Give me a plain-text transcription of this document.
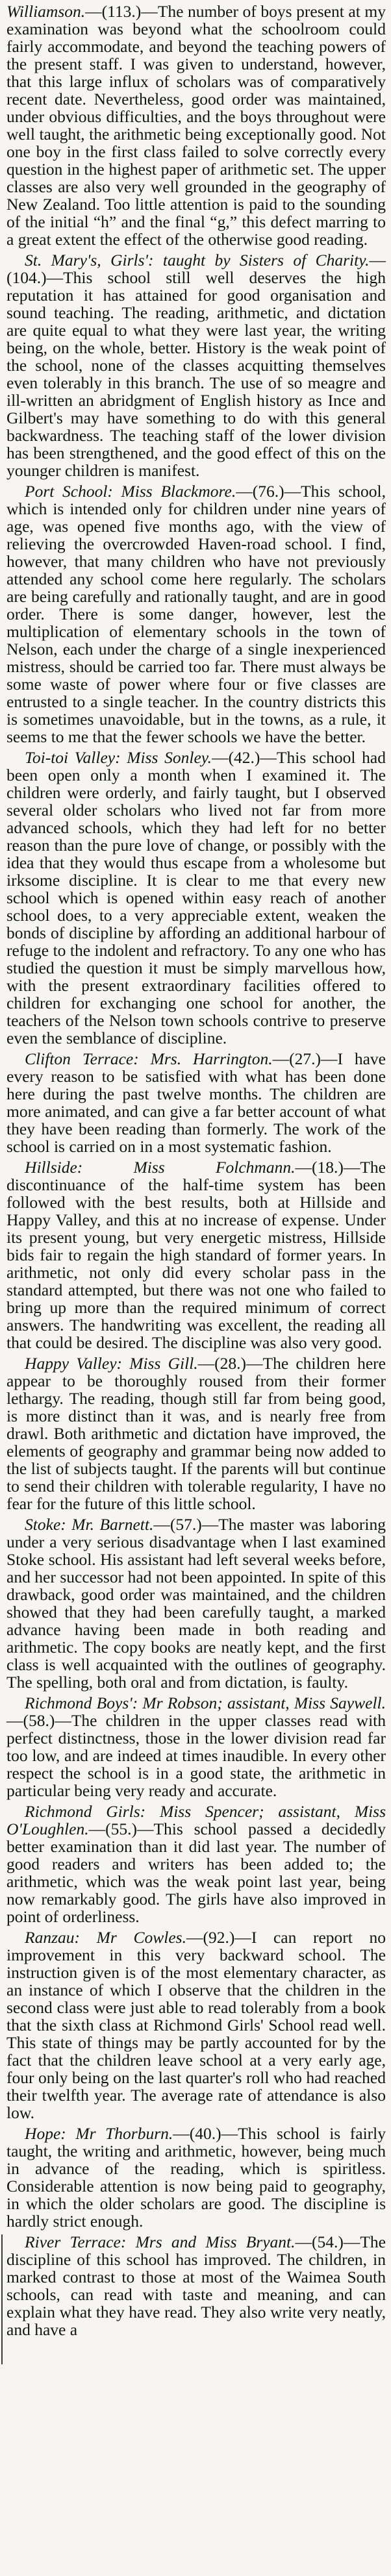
Williamson.—(113.)—The number of boys present at my examination was beyond what the schoolroom could fairly accommodate, and beyond the teaching powers of the present staff. I was given to understand, however, that this large influx of scholars was of comparatively recent date. Nevertheless, good order was maintained, under obvious difficulties, and the boys throughout were well taught, the arithmetic being exceptionally good. Not one boy in the first class failed to solve correctly every question in the highest paper of arithmetic set. The upper classes are also very well grounded in the geography of New Zealand. Too little attention is paid to the sounding of the initial “h” and the final “g,” this defect marring to a great extent the effect of the otherwise good reading.

St. Mary's, Girls': taught by Sisters of Charity.—(104.)—This school still well deserves the high reputation it has attained for good organisation and sound teaching. The reading, arithmetic, and dictation are quite equal to what they were last year, the writing being, on the whole, better. History is the weak point of the school, none of the classes acquitting themselves even tolerably in this branch. The use of so meagre and ill-written an abridgment of English history as Ince and Gilbert's may have something to do with this general backwardness. The teaching staff of the lower division has been strengthened, and the good effect of this on the younger children is manifest.

Port School: Miss Blackmore.—(76.)—This school, which is intended only for children under nine years of age, was opened five months ago, with the view of relieving the overcrowded Haven-road school. I find, however, that many children who have not previously attended any school come here regularly. The scholars are being carefully and rationally taught, and are in good order. There is some danger, however, lest the multiplication of elementary schools in the town of Nelson, each under the charge of a single inexperienced mistress, should be carried too far. There must always be some waste of power where four or five classes are entrusted to a single teacher. In the country districts this is sometimes unavoidable, but in the towns, as a rule, it seems to me that the fewer schools we have the better.

Toi-toi Valley: Miss Sonley.—(42.)—This school had been open only a month when I examined it. The children were orderly, and fairly taught, but I observed several older scholars who lived not far from more advanced schools, which they had left for no better reason than the pure love of change, or possibly with the idea that they would thus escape from a wholesome but irksome discipline. It is clear to me that every new school which is opened within easy reach of another school does, to a very appreciable extent, weaken the bonds of discipline by affording an additional harbour of refuge to the indolent and refractory. To any one who has studied the question it must be simply marvellous how, with the present extraordinary facilities offered to children for exchanging one school for another, the teachers of the Nelson town schools contrive to preserve even the semblance of discipline.

Clifton Terrace: Mrs. Harrington.—(27.)—I have every reason to be satisfied with what has been done here during the past twelve months. The children are more animated, and can give a far better account of what they have been reading than formerly. The work of the school is carried on in a most systematic fashion.

Hillside: Miss Folchmann.—(18.)—The discontinuance of the half-time system has been followed with the best results, both at Hillside and Happy Valley, and this at no increase of expense. Under its present young, but very energetic mistress, Hillside bids fair to regain the high standard of former years. In arithmetic, not only did every scholar pass in the standard attempted, but there was not one who failed to bring up more than the required minimum of correct answers. The handwriting was excellent, the reading all that could be desired. The discipline was also very good.

Happy Valley: Miss Gill.—(28.)—The children here appear to be thoroughly roused from their former lethargy. The reading, though still far from being good, is more distinct than it was, and is nearly free from drawl. Both arithmetic and dictation have improved, the elements of geography and grammar being now added to the list of subjects taught. If the parents will but continue to send their children with tolerable regularity, I have no fear for the future of this little school.

Stoke: Mr. Barnett.—(57.)—The master was laboring under a very serious disadvantage when I last examined Stoke school. His assistant had left several weeks before, and her successor had not been appointed. In spite of this drawback, good order was maintained, and the children showed that they had been carefully taught, a marked advance having been made in both reading and arithmetic. The copy books are neatly kept, and the first class is well acquainted with the outlines of geography. The spelling, both oral and from dictation, is faulty.

Richmond Boys': Mr Robson; assistant, Miss Saywell.—(58.)—The children in the upper classes read with perfect distinctness, those in the lower division read far too low, and are indeed at times inaudible. In every other respect the school is in a good state, the arithmetic in particular being very ready and accurate.

Richmond Girls: Miss Spencer; assistant, Miss O'Loughlen.—(55.)—This school passed a decidedly better examination than it did last year. The number of good readers and writers has been added to; the arithmetic, which was the weak point last year, being now remarkably good. The girls have also improved in point of orderliness.

Ranzau: Mr Cowles.—(92.)—I can report no improvement in this very backward school. The instruction given is of the most elementary character, as an instance of which I observe that the children in the second class were just able to read tolerably from a book that the sixth class at Richmond Girls' School read well. This state of things may be partly accounted for by the fact that the children leave school at a very early age, four only being on the last quarter's roll who had reached their twelfth year. The average rate of attendance is also low.

Hope: Mr Thorburn.—(40.)—This school is fairly taught, the writing and arithmetic, however, being much in advance of the reading, which is spiritless. Considerable attention is now being paid to geography, in which the older scholars are good. The discipline is hardly strict enough.

River Terrace: Mrs and Miss Bryant.—(54.)—The discipline of this school has improved. The children, in marked contrast to those at most of the Waimea South schools, can read with taste and meaning, and can explain what they have read. They also write very neatly, and have a
